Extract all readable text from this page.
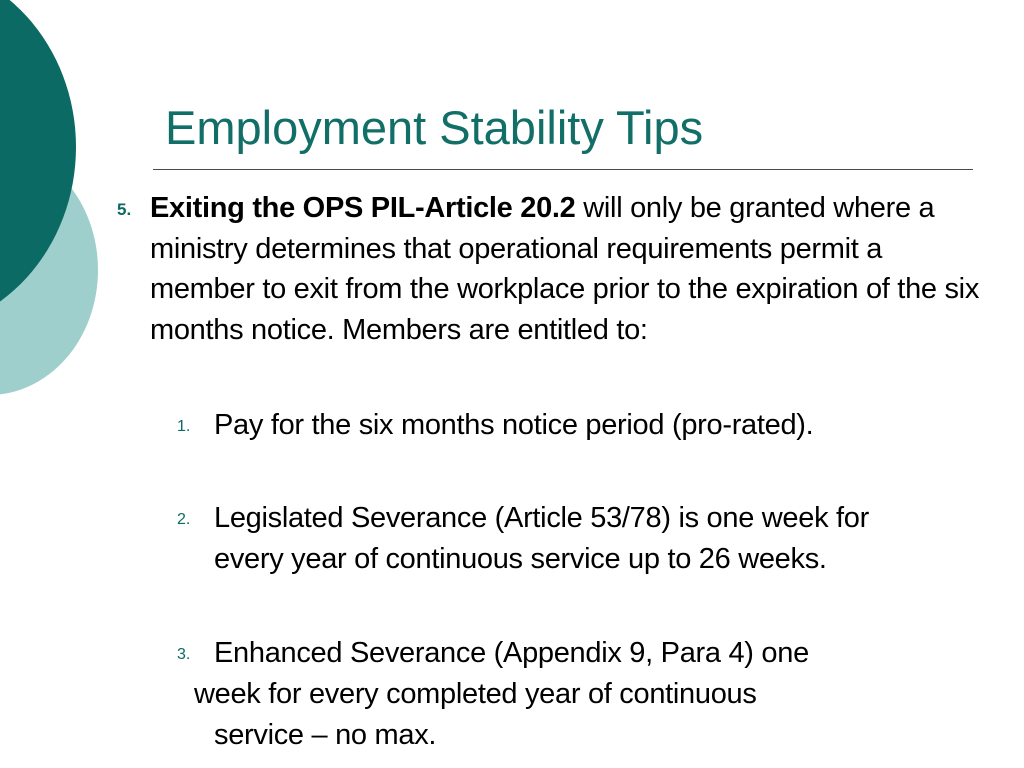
Employment Stability Tips
5. Exiting the OPS PIL-Article 20.2 will only be granted where a ministry determines that operational requirements permit a member to exit from the workplace prior to the expiration of the six months notice. Members are entitled to:
1. Pay for the six months notice period (pro-rated).
2. Legislated Severance (Article 53/78) is one week for every year of continuous service up to 26 weeks.
3. Enhanced Severance (Appendix 9, Para 4) one
week for every completed year of continuous
service – no max.
